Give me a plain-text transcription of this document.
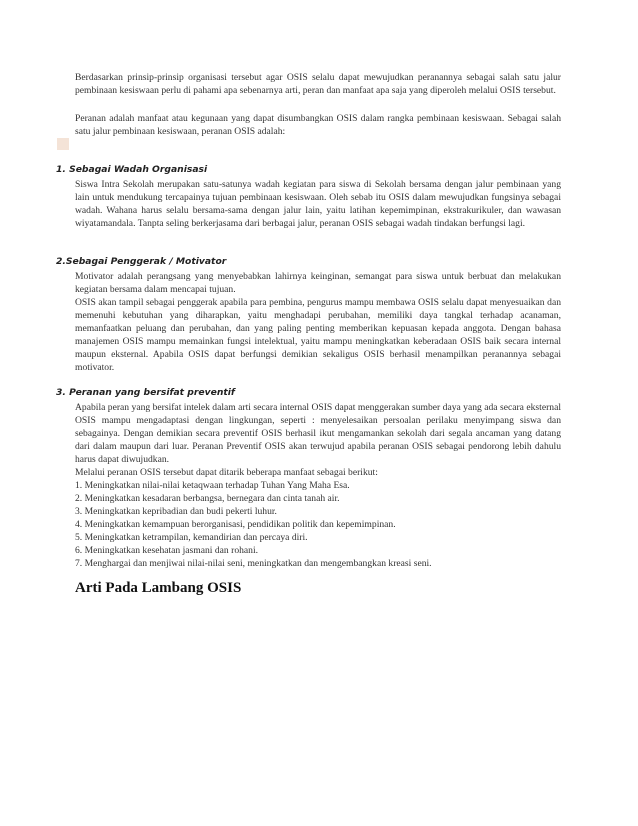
Berdasarkan prinsip-prinsip organisasi tersebut agar OSIS selalu dapat mewujudkan peranannya sebagai salah satu jalur pembinaan kesiswaan perlu di pahami apa sebenarnya arti, peran dan manfaat apa saja yang diperoleh melalui OSIS tersebut.

Peranan adalah manfaat atau kegunaan yang dapat disumbangkan OSIS dalam rangka pembinaan kesiswaan. Sebagai salah satu jalur pembinaan kesiswaan, peranan OSIS adalah:

1. Sebagai Wadah Organisasi

Siswa Intra Sekolah merupakan satu-satunya wadah kegiatan para siswa di Sekolah bersama dengan jalur pembinaan yang lain untuk mendukung tercapainya tujuan pembinaan kesiswaan. Oleh sebab itu OSIS dalam mewujudkan fungsinya sebagai wadah. Wahana harus selalu bersama-sama dengan jalur lain, yaitu latihan kepemimpinan, ekstrakurikuler, dan wawasan wiyatamandala. Tanpta seling berkerjasama dari berbagai jalur, peranan OSIS sebagai wadah tindakan berfungsi lagi.

2.Sebagai Penggerak / Motivator

Motivator adalah perangsang yang menyebabkan lahirnya keinginan, semangat para siswa untuk berbuat dan melakukan kegiatan bersama dalam mencapai tujuan.

OSIS akan tampil sebagai penggerak apabila para pembina, pengurus mampu membawa OSIS selalu dapat menyesuaikan dan memenuhi kebutuhan yang diharapkan, yaitu menghadapi perubahan, memiliki daya tangkal terhadap acanaman, memanfaatkan peluang dan perubahan, dan yang paling penting memberikan kepuasan kepada anggota. Dengan bahasa manajemen OSIS mampu memainkan fungsi intelektual, yaitu mampu meningkatkan keberadaan OSIS baik secara internal maupun eksternal. Apabila OSIS dapat berfungsi demikian sekaligus OSIS berhasil menampilkan peranannya sebagai motivator.

3. Peranan yang bersifat preventif

Apabila peran yang bersifat intelek dalam arti secara internal OSIS dapat menggerakan sumber daya yang ada secara eksternal OSIS mampu mengadaptasi dengan lingkungan, seperti : menyelesaikan persoalan perilaku menyimpang siswa dan sebagainya. Dengan demikian secara preventif OSIS berhasil ikut mengamankan sekolah dari segala ancaman yang datang dari dalam maupun dari luar. Peranan Preventif OSIS akan terwujud apabila peranan OSIS sebagai pendorong lebih dahulu harus dapat diwujudkan.

Melalui peranan OSIS tersebut dapat ditarik beberapa manfaat sebagai berikut:

1. Meningkatkan nilai-nilai ketaqwaan terhadap Tuhan Yang Maha Esa.
2. Meningkatkan kesadaran berbangsa, bernegara dan cinta tanah air.
3. Meningkatkan kepribadian dan budi pekerti luhur.
4. Meningkatkan kemampuan berorganisasi, pendidikan politik dan kepemimpinan.
5. Meningkatkan ketrampilan, kemandirian dan percaya diri.
6. Meningkatkan kesehatan jasmani dan rohani.
7. Menghargai dan menjiwai nilai-nilai seni, meningkatkan dan mengembangkan kreasi seni.
Arti Pada Lambang OSIS
